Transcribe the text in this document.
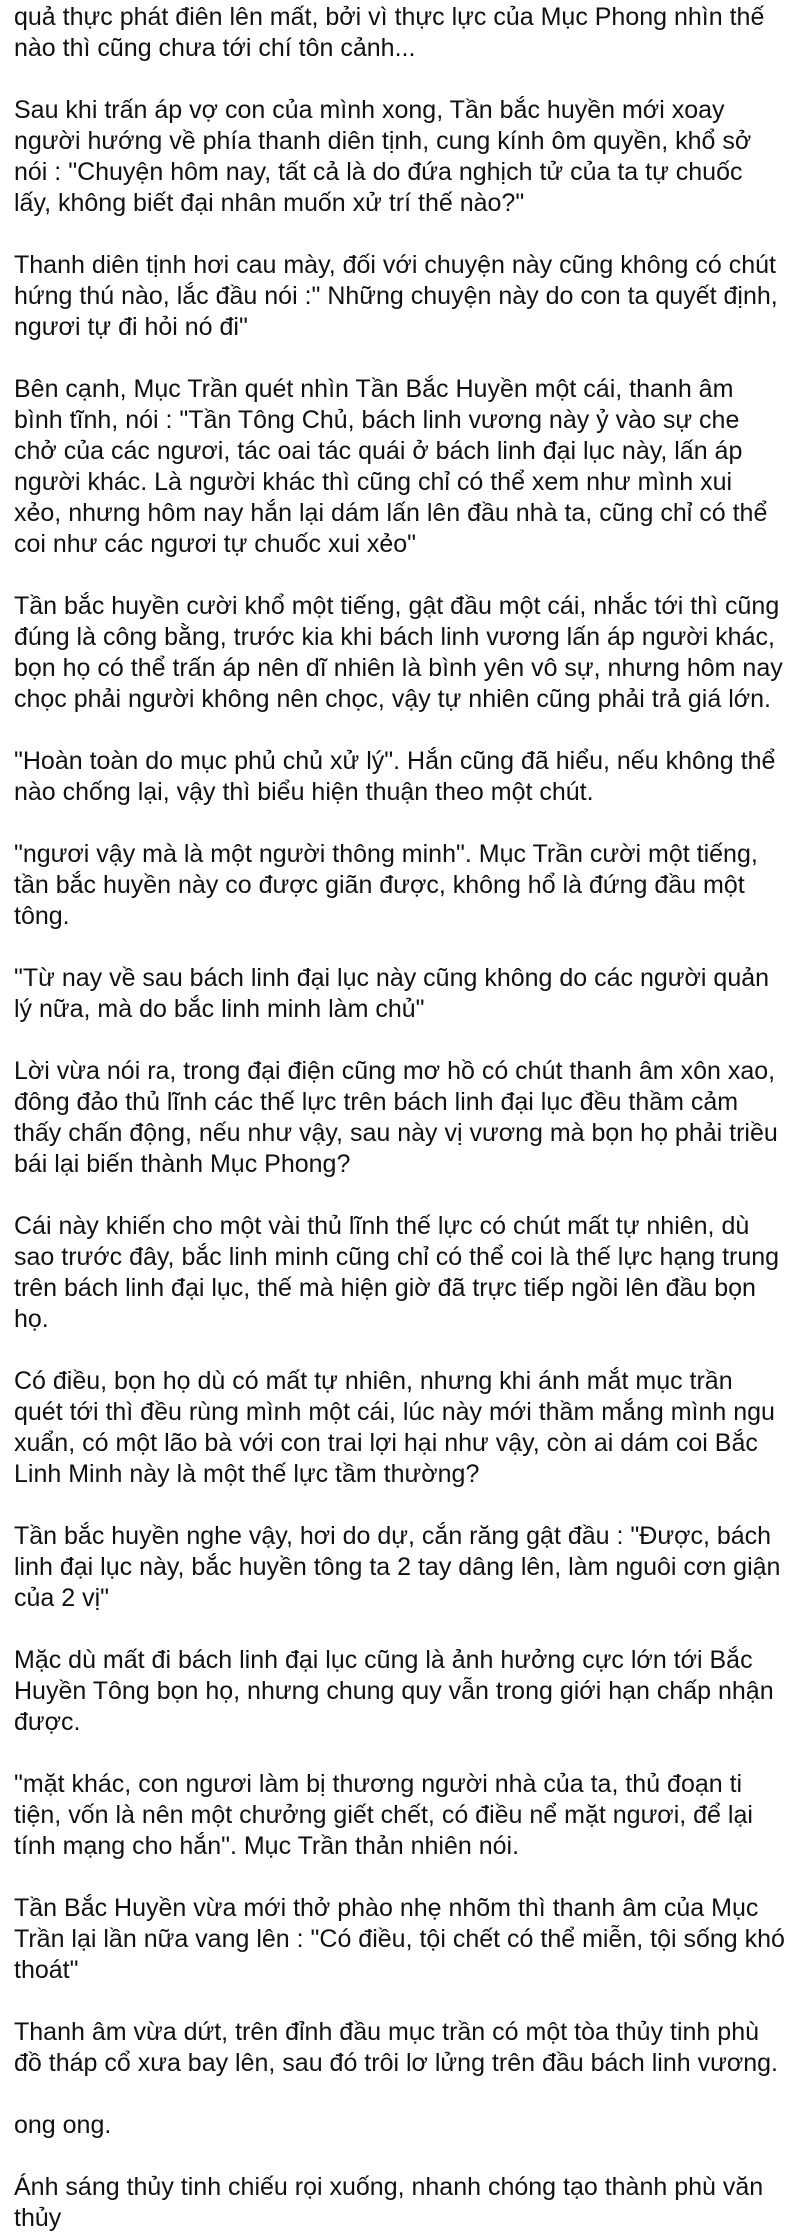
quả thực phát điên lên mất, bởi vì thực lực của Mục Phong nhìn thế nào thì cũng chưa tới chí tôn cảnh...

Sau khi trấn áp vợ con của mình xong, Tần bắc huyền mới xoay người hướng về phía thanh diên tịnh, cung kính ôm quyền, khổ sở nói : "Chuyện hôm nay, tất cả là do đứa nghịch tử của ta tự chuốc lấy, không biết đại nhân muốn xử trí thế nào?"

Thanh diên tịnh hơi cau mày, đối với chuyện này cũng không có chút hứng thú nào, lắc đầu nói :" Những chuyện này do con ta quyết định, ngươi tự đi hỏi nó đi"

Bên cạnh, Mục Trần quét nhìn Tần Bắc Huyền một cái, thanh âm bình tĩnh, nói : "Tần Tông Chủ, bách linh vương này ỷ vào sự che chở của các ngươi, tác oai tác quái ở bách linh đại lục này, lấn áp người khác. Là người khác thì cũng chỉ có thể xem như mình xui xẻo, nhưng hôm nay hắn lại dám lấn lên đầu nhà ta, cũng chỉ có thể coi như các ngươi tự chuốc xui xẻo"

Tần bắc huyền cười khổ một tiếng, gật đầu một cái, nhắc tới thì cũng đúng là công bằng, trước kia khi bách linh vương lấn áp người khác, bọn họ có thể trấn áp nên dĩ nhiên là bình yên vô sự, nhưng hôm nay chọc phải người không nên chọc, vậy tự nhiên cũng phải trả giá lớn.

"Hoàn toàn do mục phủ chủ xử lý". Hắn cũng đã hiểu, nếu không thể nào chống lại, vậy thì biểu hiện thuận theo một chút.

"ngươi vậy mà là một người thông minh". Mục Trần cười một tiếng, tần bắc huyền này co được giãn được, không hổ là đứng đầu một tông.

"Từ nay về sau bách linh đại lục này cũng không do các người quản lý nữa, mà do bắc linh minh làm chủ"

Lời vừa nói ra, trong đại điện cũng mơ hồ có chút thanh âm xôn xao, đông đảo thủ lĩnh các thế lực trên bách linh đại lục đều thầm cảm thấy chấn động, nếu như vậy, sau này vị vương mà bọn họ phải triều bái lại biến thành Mục Phong?

Cái này khiến cho một vài thủ lĩnh thế lực có chút mất tự nhiên, dù sao trước đây, bắc linh minh cũng chỉ có thể coi là thế lực hạng trung trên bách linh đại lục, thế mà hiện giờ đã trực tiếp ngồi lên đầu bọn họ.

Có điều, bọn họ dù có mất tự nhiên, nhưng khi ánh mắt mục trần quét tới thì đều rùng mình một cái, lúc này mới thầm mắng mình ngu xuẩn, có một lão bà với con trai lợi hại như vậy, còn ai dám coi Bắc Linh Minh này là một thế lực tầm thường?

Tần bắc huyền nghe vậy, hơi do dự, cắn răng gật đầu : "Được, bách linh đại lục này, bắc huyền tông ta 2 tay dâng lên, làm nguôi cơn giận của 2 vị"

Mặc dù mất đi bách linh đại lục cũng là ảnh hưởng cực lớn tới Bắc Huyền Tông bọn họ, nhưng chung quy vẫn trong giới hạn chấp nhận được.

"mặt khác, con ngươi làm bị thương người nhà của ta, thủ đoạn ti tiện, vốn là nên một chưởng giết chết, có điều nể mặt ngươi, để lại tính mạng cho hắn". Mục Trần thản nhiên nói.

Tần Bắc Huyền vừa mới thở phào nhẹ nhõm thì thanh âm của Mục Trần lại lần nữa vang lên : "Có điều, tội chết có thể miễn, tội sống khó thoát"

Thanh âm vừa dứt, trên đỉnh đầu mục trần có một tòa thủy tinh phù đồ tháp cổ xưa bay lên, sau đó trôi lơ lửng trên đầu bách linh vương.

ong ong.

Ánh sáng thủy tinh chiếu rọi xuống, nhanh chóng tạo thành phù văn thủy
